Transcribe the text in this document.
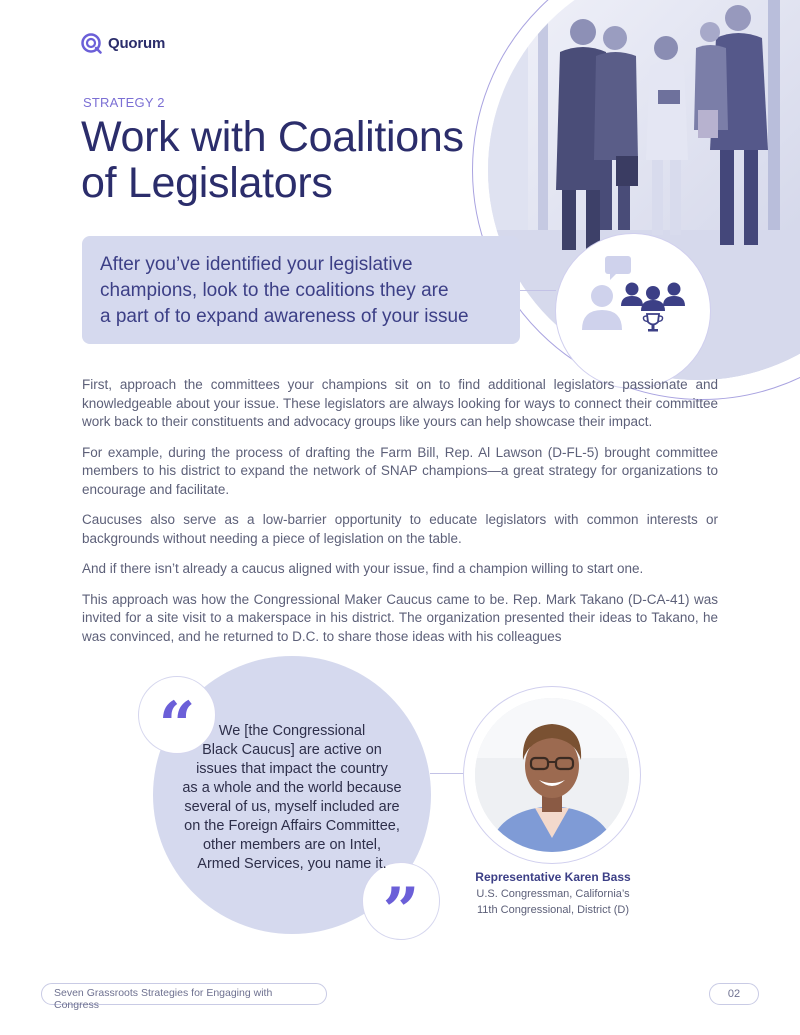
Quorum
STRATEGY 2
Work with Coalitions
of Legislators
After you’ve identified your legislative
champions, look to the coalitions they are
a part of to expand awareness of your issue

First, approach the committees your champions sit on to find additional legislators passionate and knowledgeable about your issue. These legislators are always looking for ways to connect their committee work back to their constituents and advocacy groups like yours can help showcase their impact.

For example, during the process of drafting the Farm Bill, Rep. Al Lawson (D-FL-5) brought committee members to his district to expand the network of SNAP champions—a great strategy for organizations to encourage and facilitate.

Caucuses also serve as a low-barrier opportunity to educate legislators with common interests or backgrounds without needing a piece of legislation on the table.

And if there isn’t already a caucus aligned with your issue, find a champion willing to start one.

This approach was how the Congressional Maker Caucus came to be. Rep. Mark Takano (D-CA-41) was invited for a site visit to a makerspace in his district. The organization presented their ideas to Takano, he was convinced, and he returned to D.C. to share those ideas with his colleagues

“
”
We [the Congressional
Black Caucus] are active on
issues that impact the country
as a whole and the world because
several of us, myself included are
on the Foreign Affairs Committee,
other members are on Intel,
Armed Services, you name it.
Representative Karen Bass
U.S. Congressman, California’s
11th Congressional, District (D)
Seven Grassroots Strategies for Engaging with Congress
02
